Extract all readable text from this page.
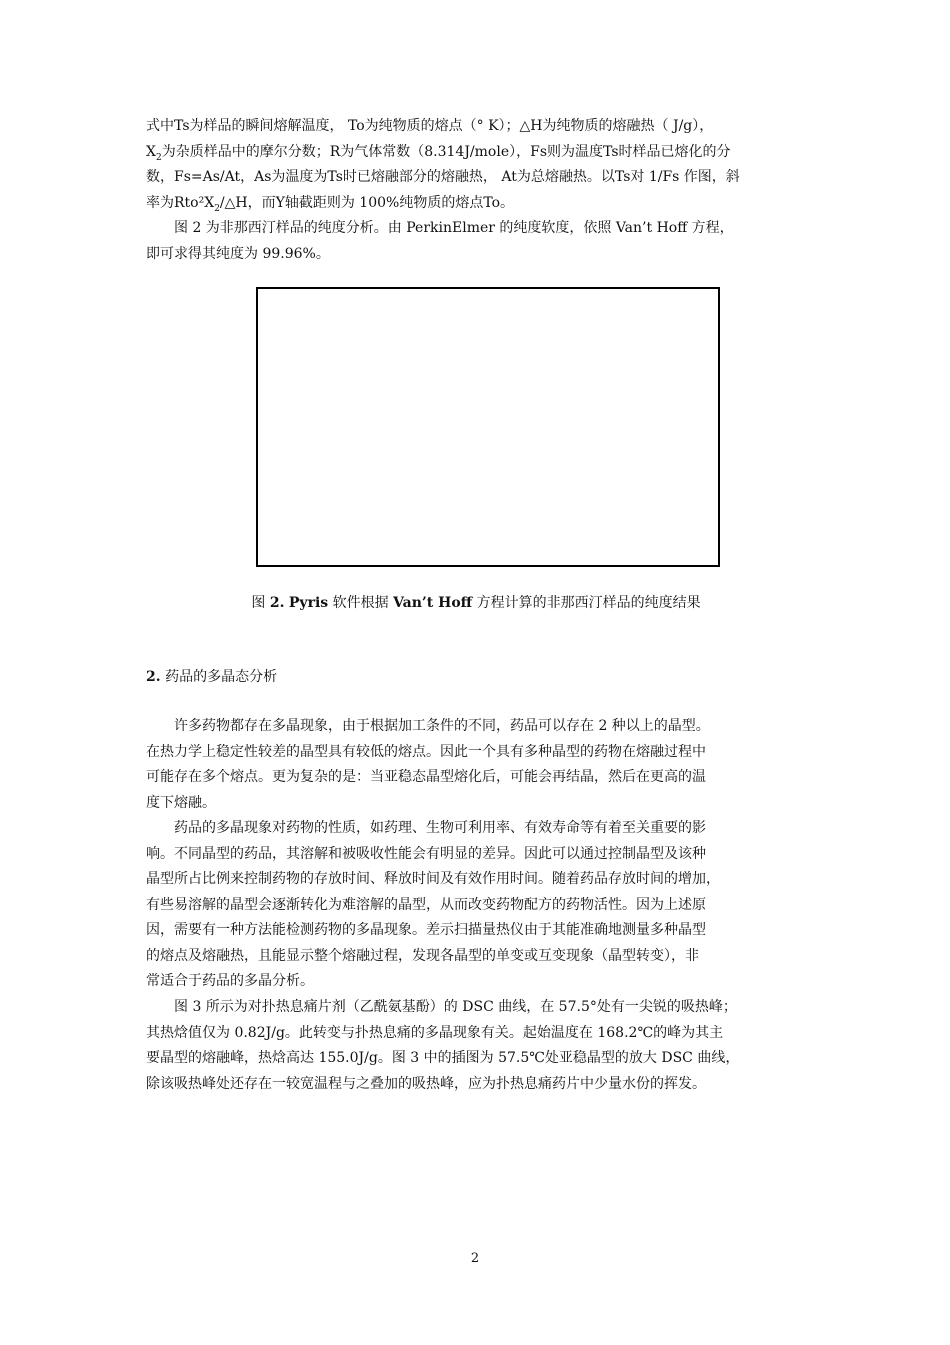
式中Ts为样品的瞬间熔解温度， To为纯物质的熔点（° K）；△H为纯物质的熔融热（ J/g），
$X_2$为杂质样品中的摩尔分数；R为气体常数（8.314J/mole），Fs则为温度Ts时样品已熔化的分
数，Fs=As/At，As为温度为Ts时已熔融部分的熔融热， At为总熔融热。以Ts对 1/Fs 作图，斜
率为$Rto^2X_2/\triangle H$，而Y轴截距则为 100%纯物质的熔点To。

图 2 为非那西汀样品的纯度分析。由 PerkinElmer 的纯度软度，依照 Van’t Hoff 方程，
即可求得其纯度为 99.96%。

图 2. Pyris 软件根据 Van’t Hoff 方程计算的非那西汀样品的纯度结果
2. 药品的多晶态分析

许多药物都存在多晶现象，由于根据加工条件的不同，药品可以存在 2 种以上的晶型。
在热力学上稳定性较差的晶型具有较低的熔点。因此一个具有多种晶型的药物在熔融过程中
可能存在多个熔点。更为复杂的是：当亚稳态晶型熔化后，可能会再结晶，然后在更高的温
度下熔融。

药品的多晶现象对药物的性质，如药理、生物可利用率、有效寿命等有着至关重要的影
响。不同晶型的药品，其溶解和被吸收性能会有明显的差异。因此可以通过控制晶型及该种
晶型所占比例来控制药物的存放时间、释放时间及有效作用时间。随着药品存放时间的增加，
有些易溶解的晶型会逐渐转化为难溶解的晶型，从而改变药物配方的药物活性。因为上述原
因，需要有一种方法能检测药物的多晶现象。差示扫描量热仪由于其能准确地测量多种晶型
的熔点及熔融热，且能显示整个熔融过程，发现各晶型的单变或互变现象（晶型转变），非
常适合于药品的多晶分析。

图 3 所示为对扑热息痛片剂（乙酰氨基酚）的 DSC 曲线，在 57.5°处有一尖锐的吸热峰；
其热焓值仅为 0.82J/g。此转变与扑热息痛的多晶现象有关。起始温度在 168.2℃的峰为其主
要晶型的熔融峰，热焓高达 155.0J/g。图 3 中的插图为 57.5℃处亚稳晶型的放大 DSC 曲线，
除该吸热峰处还存在一较宽温程与之叠加的吸热峰，应为扑热息痛药片中少量水份的挥发。

2
